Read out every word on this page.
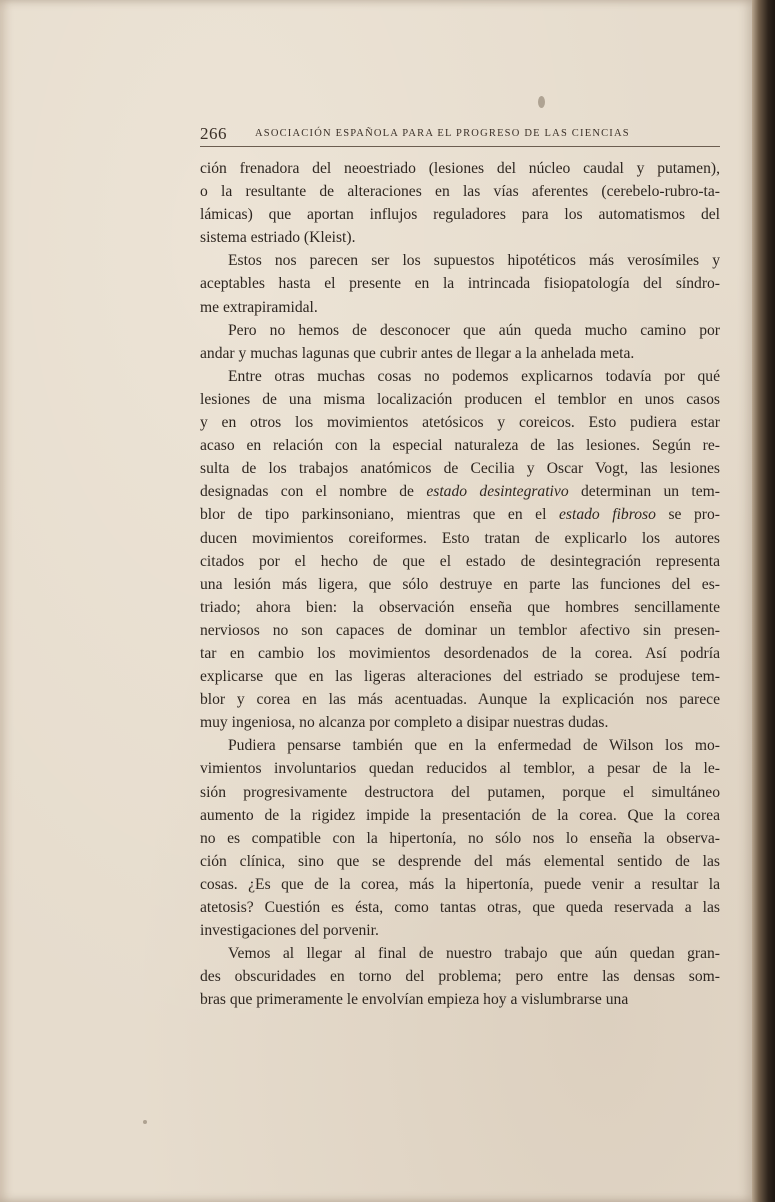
266	ASOCIACIÓN ESPAÑOLA PARA EL PROGRESO DE LAS CIENCIAS

ción frenadora del neoestriado (lesiones del núcleo caudal y putamen),
o la resultante de alteraciones en las vías aferentes (cerebelo-rubro-ta-
lámicas) que aportan influjos reguladores para los automatismos del
sistema estriado (Kleist).

Estos nos parecen ser los supuestos hipotéticos más verosímiles y
aceptables hasta el presente en la intrincada fisiopatología del síndro-
me extrapiramidal.

Pero no hemos de desconocer que aún queda mucho camino por
andar y muchas lagunas que cubrir antes de llegar a la anhelada meta.

Entre otras muchas cosas no podemos explicarnos todavía por qué
lesiones de una misma localización producen el temblor en unos casos
y en otros los movimientos atetósicos y coreicos. Esto pudiera estar
acaso en relación con la especial naturaleza de las lesiones. Según re-
sulta de los trabajos anatómicos de Cecilia y Oscar Vogt, las lesiones
designadas con el nombre de estado desintegrativo determinan un tem-
blor de tipo parkinsoniano, mientras que en el estado fibroso se pro-
ducen movimientos coreiformes. Esto tratan de explicarlo los autores
citados por el hecho de que el estado de desintegración representa
una lesión más ligera, que sólo destruye en parte las funciones del es-
triado; ahora bien: la observación enseña que hombres sencillamente
nerviosos no son capaces de dominar un temblor afectivo sin presen-
tar en cambio los movimientos desordenados de la corea. Así podría
explicarse que en las ligeras alteraciones del estriado se produjese tem-
blor y corea en las más acentuadas. Aunque la explicación nos parece
muy ingeniosa, no alcanza por completo a disipar nuestras dudas.

Pudiera pensarse también que en la enfermedad de Wilson los mo-
vimientos involuntarios quedan reducidos al temblor, a pesar de la le-
sión progresivamente destructora del putamen, porque el simultáneo
aumento de la rigidez impide la presentación de la corea. Que la corea
no es compatible con la hipertonía, no sólo nos lo enseña la observa-
ción clínica, sino que se desprende del más elemental sentido de las
cosas. ¿Es que de la corea, más la hipertonía, puede venir a resultar la
atetosis? Cuestión es ésta, como tantas otras, que queda reservada a las
investigaciones del porvenir.

Vemos al llegar al final de nuestro trabajo que aún quedan gran-
des obscuridades en torno del problema; pero entre las densas som-
bras que primeramente le envolvían empieza hoy a vislumbrarse una
